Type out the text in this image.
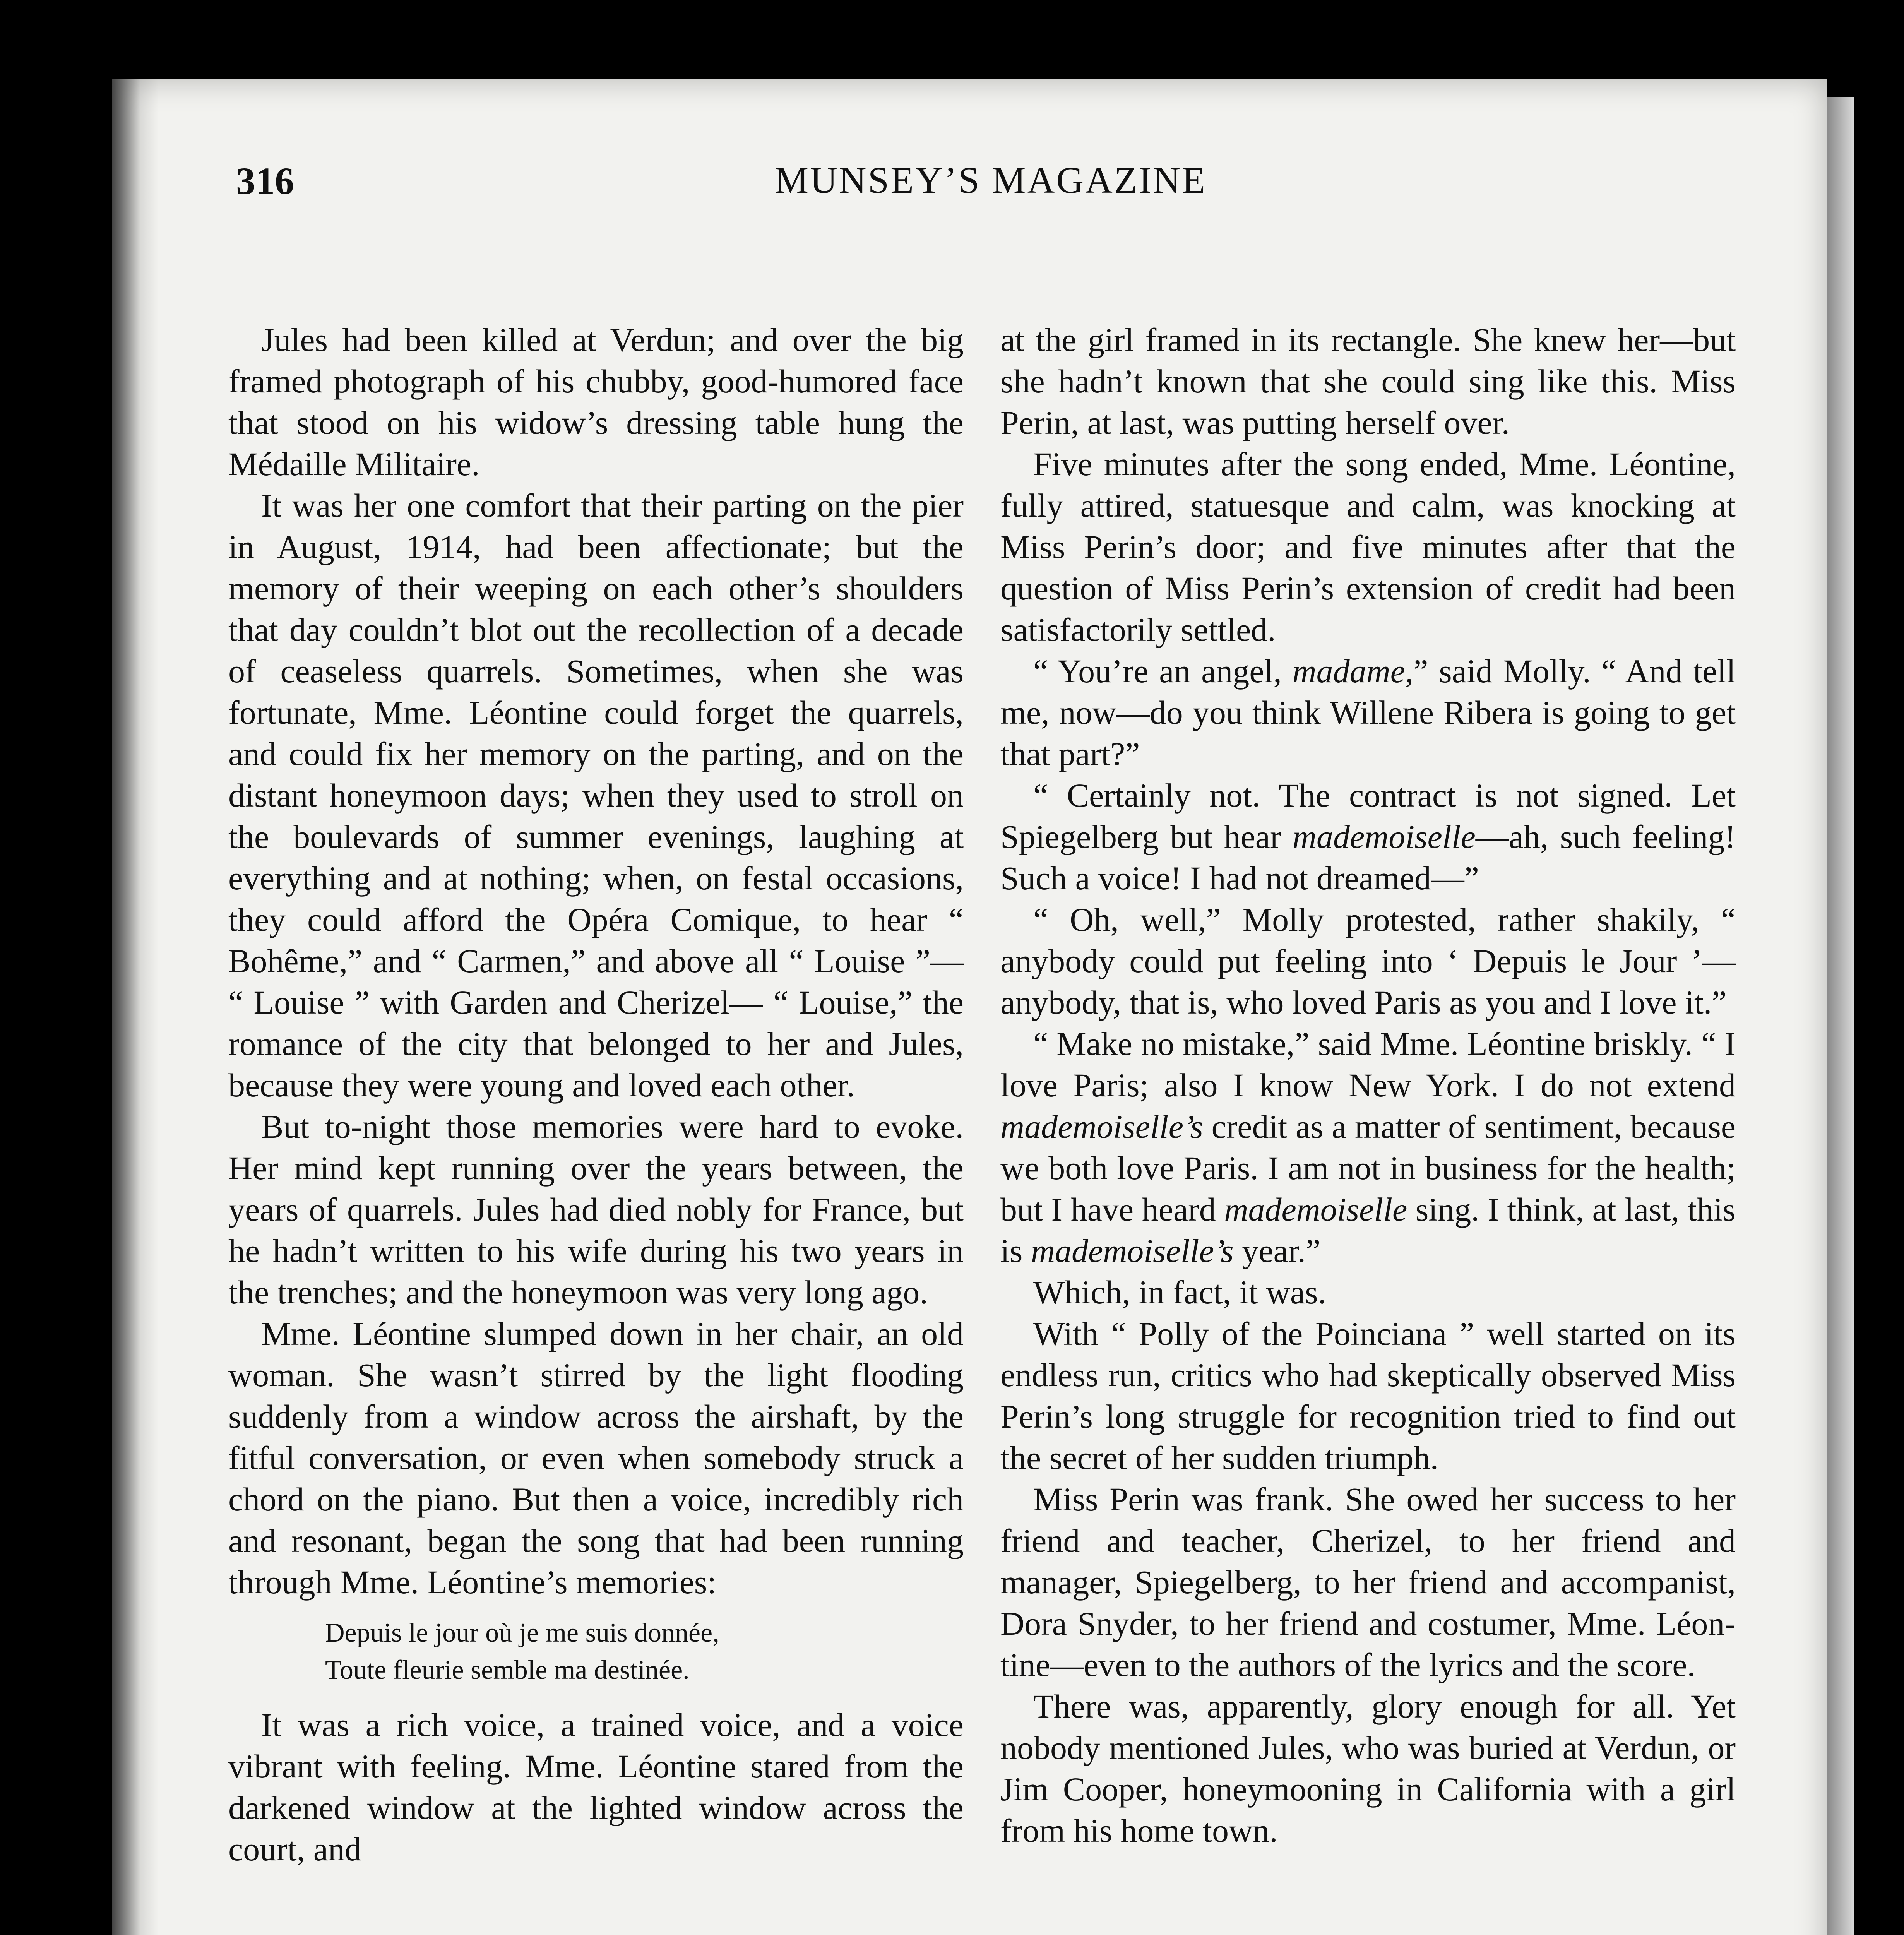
316	MUNSEY’S MAGAZINE

Jules had been killed at Verdun; and over the big framed photograph of his chubby, good-humored face that stood on his widow’s dressing table hung the Médaille Militaire.

It was her one comfort that their parting on the pier in August, 1914, had been affectionate; but the memory of their weeping on each other’s shoulders that day couldn’t blot out the recollection of a decade of ceaseless quarrels. Sometimes, when she was fortunate, Mme. Léontine could forget the quarrels, and could fix her memory on the parting, and on the distant honeymoon days; when they used to stroll on the boulevards of summer evenings, laughing at everything and at nothing; when, on festal occasions, they could afford the Opéra Comique, to hear “ Bohême,” and “ Carmen,” and above all “ Louise ”— “ Louise ” with Garden and Cherizel— “ Louise,” the romance of the city that belonged to her and Jules, because they were young and loved each other.

But to-night those memories were hard to evoke. Her mind kept running over the years between, the years of quarrels. Jules had died nobly for France, but he hadn’t written to his wife during his two years in the trenches; and the honeymoon was very long ago.

Mme. Léontine slumped down in her chair, an old woman. She wasn’t stirred by the light flooding suddenly from a window across the airshaft, by the fitful conversation, or even when somebody struck a chord on the piano. But then a voice, incredibly rich and resonant, began the song that had been running through Mme. Léontine’s memories:

Depuis le jour où je me suis donnée,
Toute fleurie semble ma destinée.

It was a rich voice, a trained voice, and a voice vibrant with feeling. Mme. Léontine stared from the darkened window at the lighted window across the court, and

at the girl framed in its rectangle. She knew her—but she hadn’t known that she could sing like this. Miss Perin, at last, was putting herself over.

Five minutes after the song ended, Mme. Léontine, fully attired, statuesque and calm, was knocking at Miss Perin’s door; and five minutes after that the question of Miss Perin’s extension of credit had been satisfactorily settled.

“ You’re an angel, madame,” said Molly. “ And tell me, now—do you think Willene Ribera is going to get that part?”

“ Certainly not. The contract is not signed. Let Spiegelberg but hear mademoiselle—ah, such feeling! Such a voice! I had not dreamed—”

“ Oh, well,” Molly protested, rather shakily, “ anybody could put feeling into ‘ Depuis le Jour ’—anybody, that is, who loved Paris as you and I love it.”

“ Make no mistake,” said Mme. Léontine briskly. “ I love Paris; also I know New York. I do not extend mademoiselle’s credit as a matter of sentiment, because we both love Paris. I am not in business for the health; but I have heard mademoiselle sing. I think, at last, this is mademoiselle’s year.”

Which, in fact, it was.

With “ Polly of the Poinciana ” well started on its endless run, critics who had skeptically observed Miss Perin’s long struggle for recognition tried to find out the secret of her sudden triumph.

Miss Perin was frank. She owed her success to her friend and teacher, Cherizel, to her friend and manager, Spiegelberg, to her friend and accompanist, Dora Snyder, to her friend and costumer, Mme. Léontine—even to the authors of the lyrics and the score.

There was, apparently, glory enough for all. Yet nobody mentioned Jules, who was buried at Verdun, or Jim Cooper, honeymooning in California with a girl from his home town.
